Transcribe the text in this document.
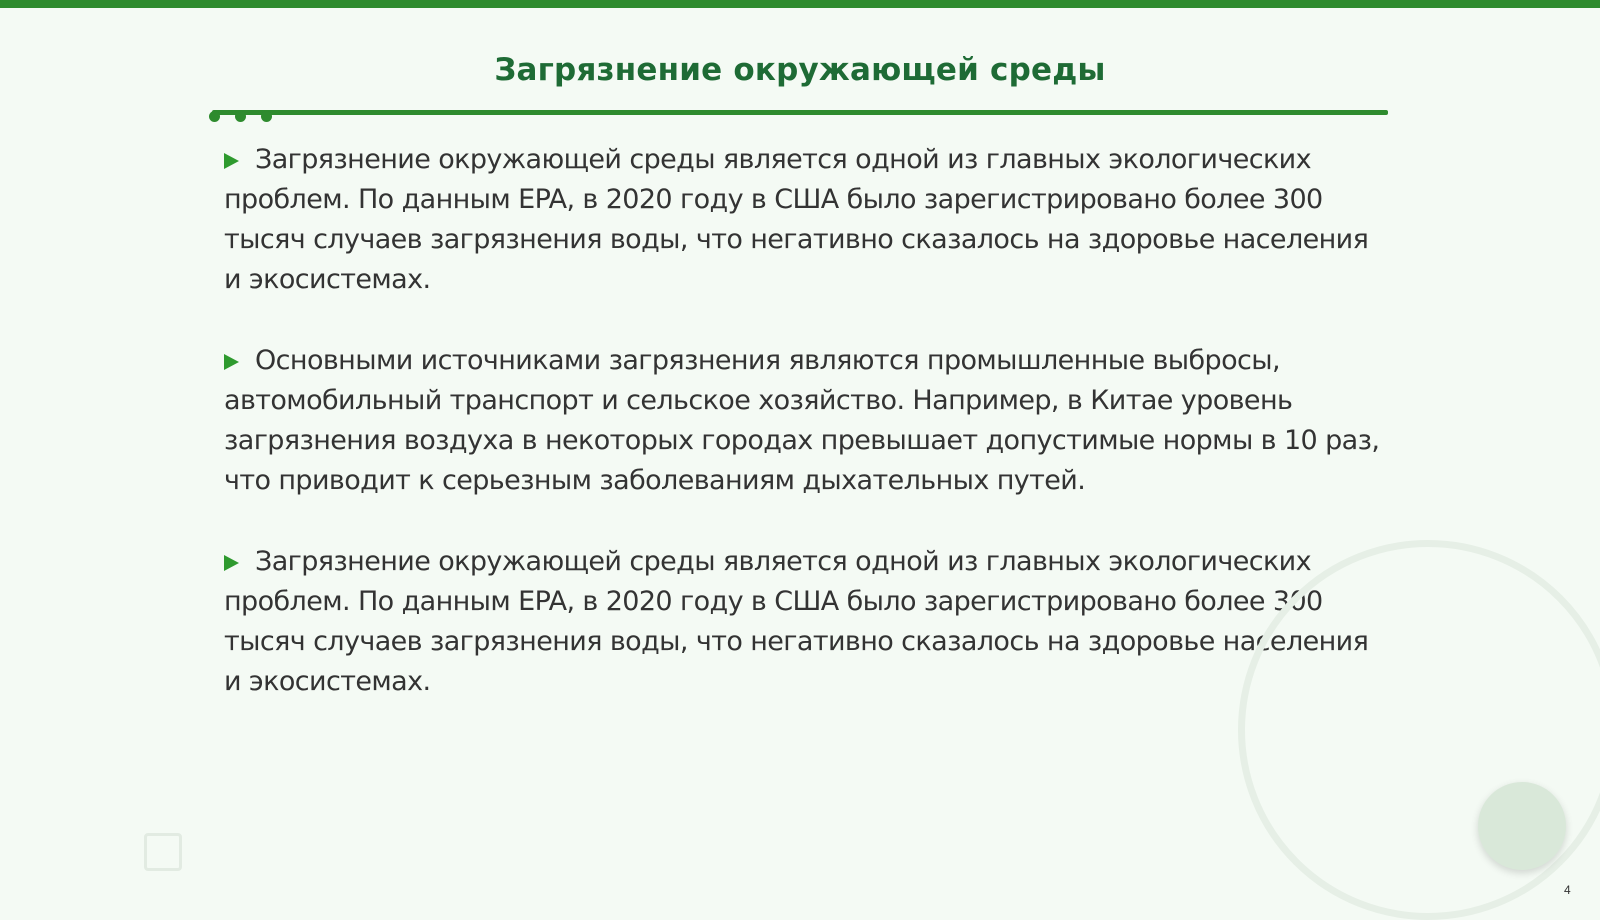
Загрязнение окружающей среды

Загрязнение окружающей среды является одной из главных экологических проблем. По данным EPA, в 2020 году в США было зарегистрировано более 300 тысяч случаев загрязнения воды, что негативно сказалось на здоровье населения и экосистемах.

Основными источниками загрязнения являются промышленные выбросы, автомобильный транспорт и сельское хозяйство. Например, в Китае уровень загрязнения воздуха в некоторых городах превышает допустимые нормы в 10 раз, что приводит к серьезным заболеваниям дыхательных путей.

Загрязнение окружающей среды является одной из главных экологических проблем. По данным EPA, в 2020 году в США было зарегистрировано более 300 тысяч случаев загрязнения воды, что негативно сказалось на здоровье населения и экосистемах.

4
